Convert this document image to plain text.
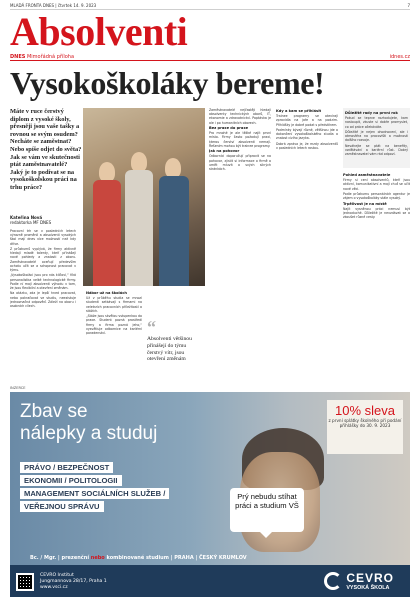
MLADÁ FRONTA DNES | čtvrtek 14. 9. 2023	7
Absolventi
DNES Mimořádná příloha	idnes.cz
Vysokoškoláky bereme!
Máte v ruce čerstvý diplom z vysoké školy, přesněji jsou vaše tašky a rovnou se svým osudem? Necháte se zaměstnat? Nebo spíše odjet do světa? Jak se vám ve skutečnosti ptát zaměstnavatelé? Jaký je to podívat se na vysokoškolskou práci na trhu práce?
Kateřina Nová
redaktorka MF DNES

Pracovní trh se v posledních letech výrazně proměnil a absolventi vysokých škol mají dnes více možností než kdy dříve.

Z průzkumů vyplývá, že firmy aktivně hledají mladé talenty, kteří přinášejí nové pohledy a znalosti z oboru. Zaměstnavatelé oceňují především ochotu učit se a schopnost pracovat v týmu.

„Vysokoškoláci jsou pro nás klíčoví,“ říká personalistka velké technologické firmy. Podle ní mají absolventi výhodu v tom, že jsou flexibilní a otevření změnám.

Na otázku, zda je lepší hned pracovat, nebo pokračovat ve studiu, neexistuje jednoznačná odpověď. Záleží na oboru i osobních cílech.

Nábor už na školách

Už v průběhu studia se mnozí studenti setkávají s firmami na veletrzích pracovních příležitostí a stážích.

„Stáže jsou skvělou vstupenkou do praxe. Student pozná prostředí firmy a firma pozná jeho,“ vysvětluje odbornice na kariérní poradenství.	“
Absolventi většinou přinášejí do týmu čerstvý vítr, jsou otevření změnám

Zaměstnavatelé nejčastěji hledají absolventy technických oborů, IT, ekonomie a zdravotnictví. Poptávka je ale i po humanitních oborech.

Bez praxe do praxe

Pro mnohé je ale těžké najít první místo. Firmy často požadují praxi, kterou čerství absolventi nemají. Řešením mohou být trainee programy.

Jak na pohovor

Odborníci doporučují připravit se na pohovor, zjistit si informace o firmě a umět mluvit o svých silných stránkách.

Kdy a kam se přihlásit

Trainee programy se otevírají zpravidla na jaře a na podzim. Přihlášky je dobré podat s předstihem.

Podmínky bývají různé, většinou jde o dokončení vysokoškolského studia a znalost cizího jazyka.

Dobrá zpráva je, že mzdy absolventů v posledních letech rostou.

Důležité rady na první rok

Pokud se teprve rozhodujete, kam nastoupit, zkuste si dobře promyslet, co od práce očekáváte.

Důležité je nejen ohodnocení, ale i atmosféra na pracovišti a možnosti dalšího rozvoje.

Neváhejte se ptát na benefity, vzdělávání a kariérní růst. Dobrý zaměstnavatel vám rád odpoví.

Pohled zaměstnavatele

Firmy si cení absolventů, kteří jsou aktivní, komunikativní a mají chuť se učit nové věci.

Podle průzkumu personálních agentur je zájem o vysokoškoláky stále vysoký.

Trpělivost je na místě

Najít vysněnou práci nemusí být jednoduché. Důležité je nevzdávat se a zkoušet různé cesty.

INZERCE
Zbav se
nálepky a studuj
10% sleva
z první splátky školného při podání přihlášky do 30. 9. 2023
PRÁVO / BEZPEČNOST
EKONOMII / POLITOLOGII
MANAGEMENT SOCIÁLNÍCH SLUŽEB /
VEŘEJNOU SPRÁVU
Prý nebudu stíhat práci a studium VŠ
Bc. / Mgr. | prezenční nebo kombinované studium | PRAHA | ČESKÝ KRUMLOV
CEVRO Institut
Jungmannova 28/17, Praha 1
www.vsci.cz
CEVRO
VYSOKÁ ŠKOLA
